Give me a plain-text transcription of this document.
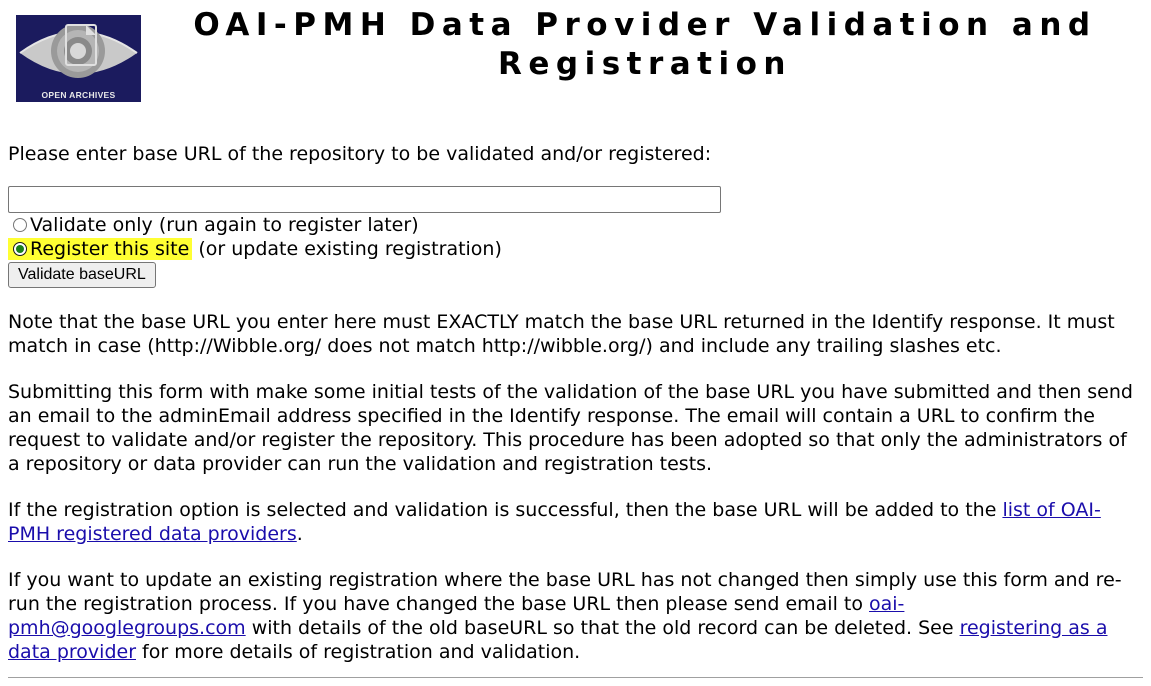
OPEN ARCHIVES
OAI-PMH Data Provider Validation and Registration

Please enter base URL of the repository to be validated and/or registered:

Validate only (run again to register later)
Register this site (or update existing registration)
Validate baseURL

Note that the base URL you enter here must EXACTLY match the base URL returned in the Identify response. It must match in case (http://Wibble.org/ does not match http://wibble.org/) and include any trailing slashes etc.

Submitting this form with make some initial tests of the validation of the base URL you have submitted and then send an email to the adminEmail address specified in the Identify response. The email will contain a URL to confirm the request to validate and/or register the repository. This procedure has been adopted so that only the administrators of a repository or data provider can run the validation and registration tests.

If the registration option is selected and validation is successful, then the base URL will be added to the list of OAI-PMH registered data providers.

If you want to update an existing registration where the base URL has not changed then simply use this form and re-run the registration process. If you have changed the base URL then please send email to oai-pmh@googlegroups.com with details of the old baseURL so that the old record can be deleted. See registering as a data provider for more details of registration and validation.
